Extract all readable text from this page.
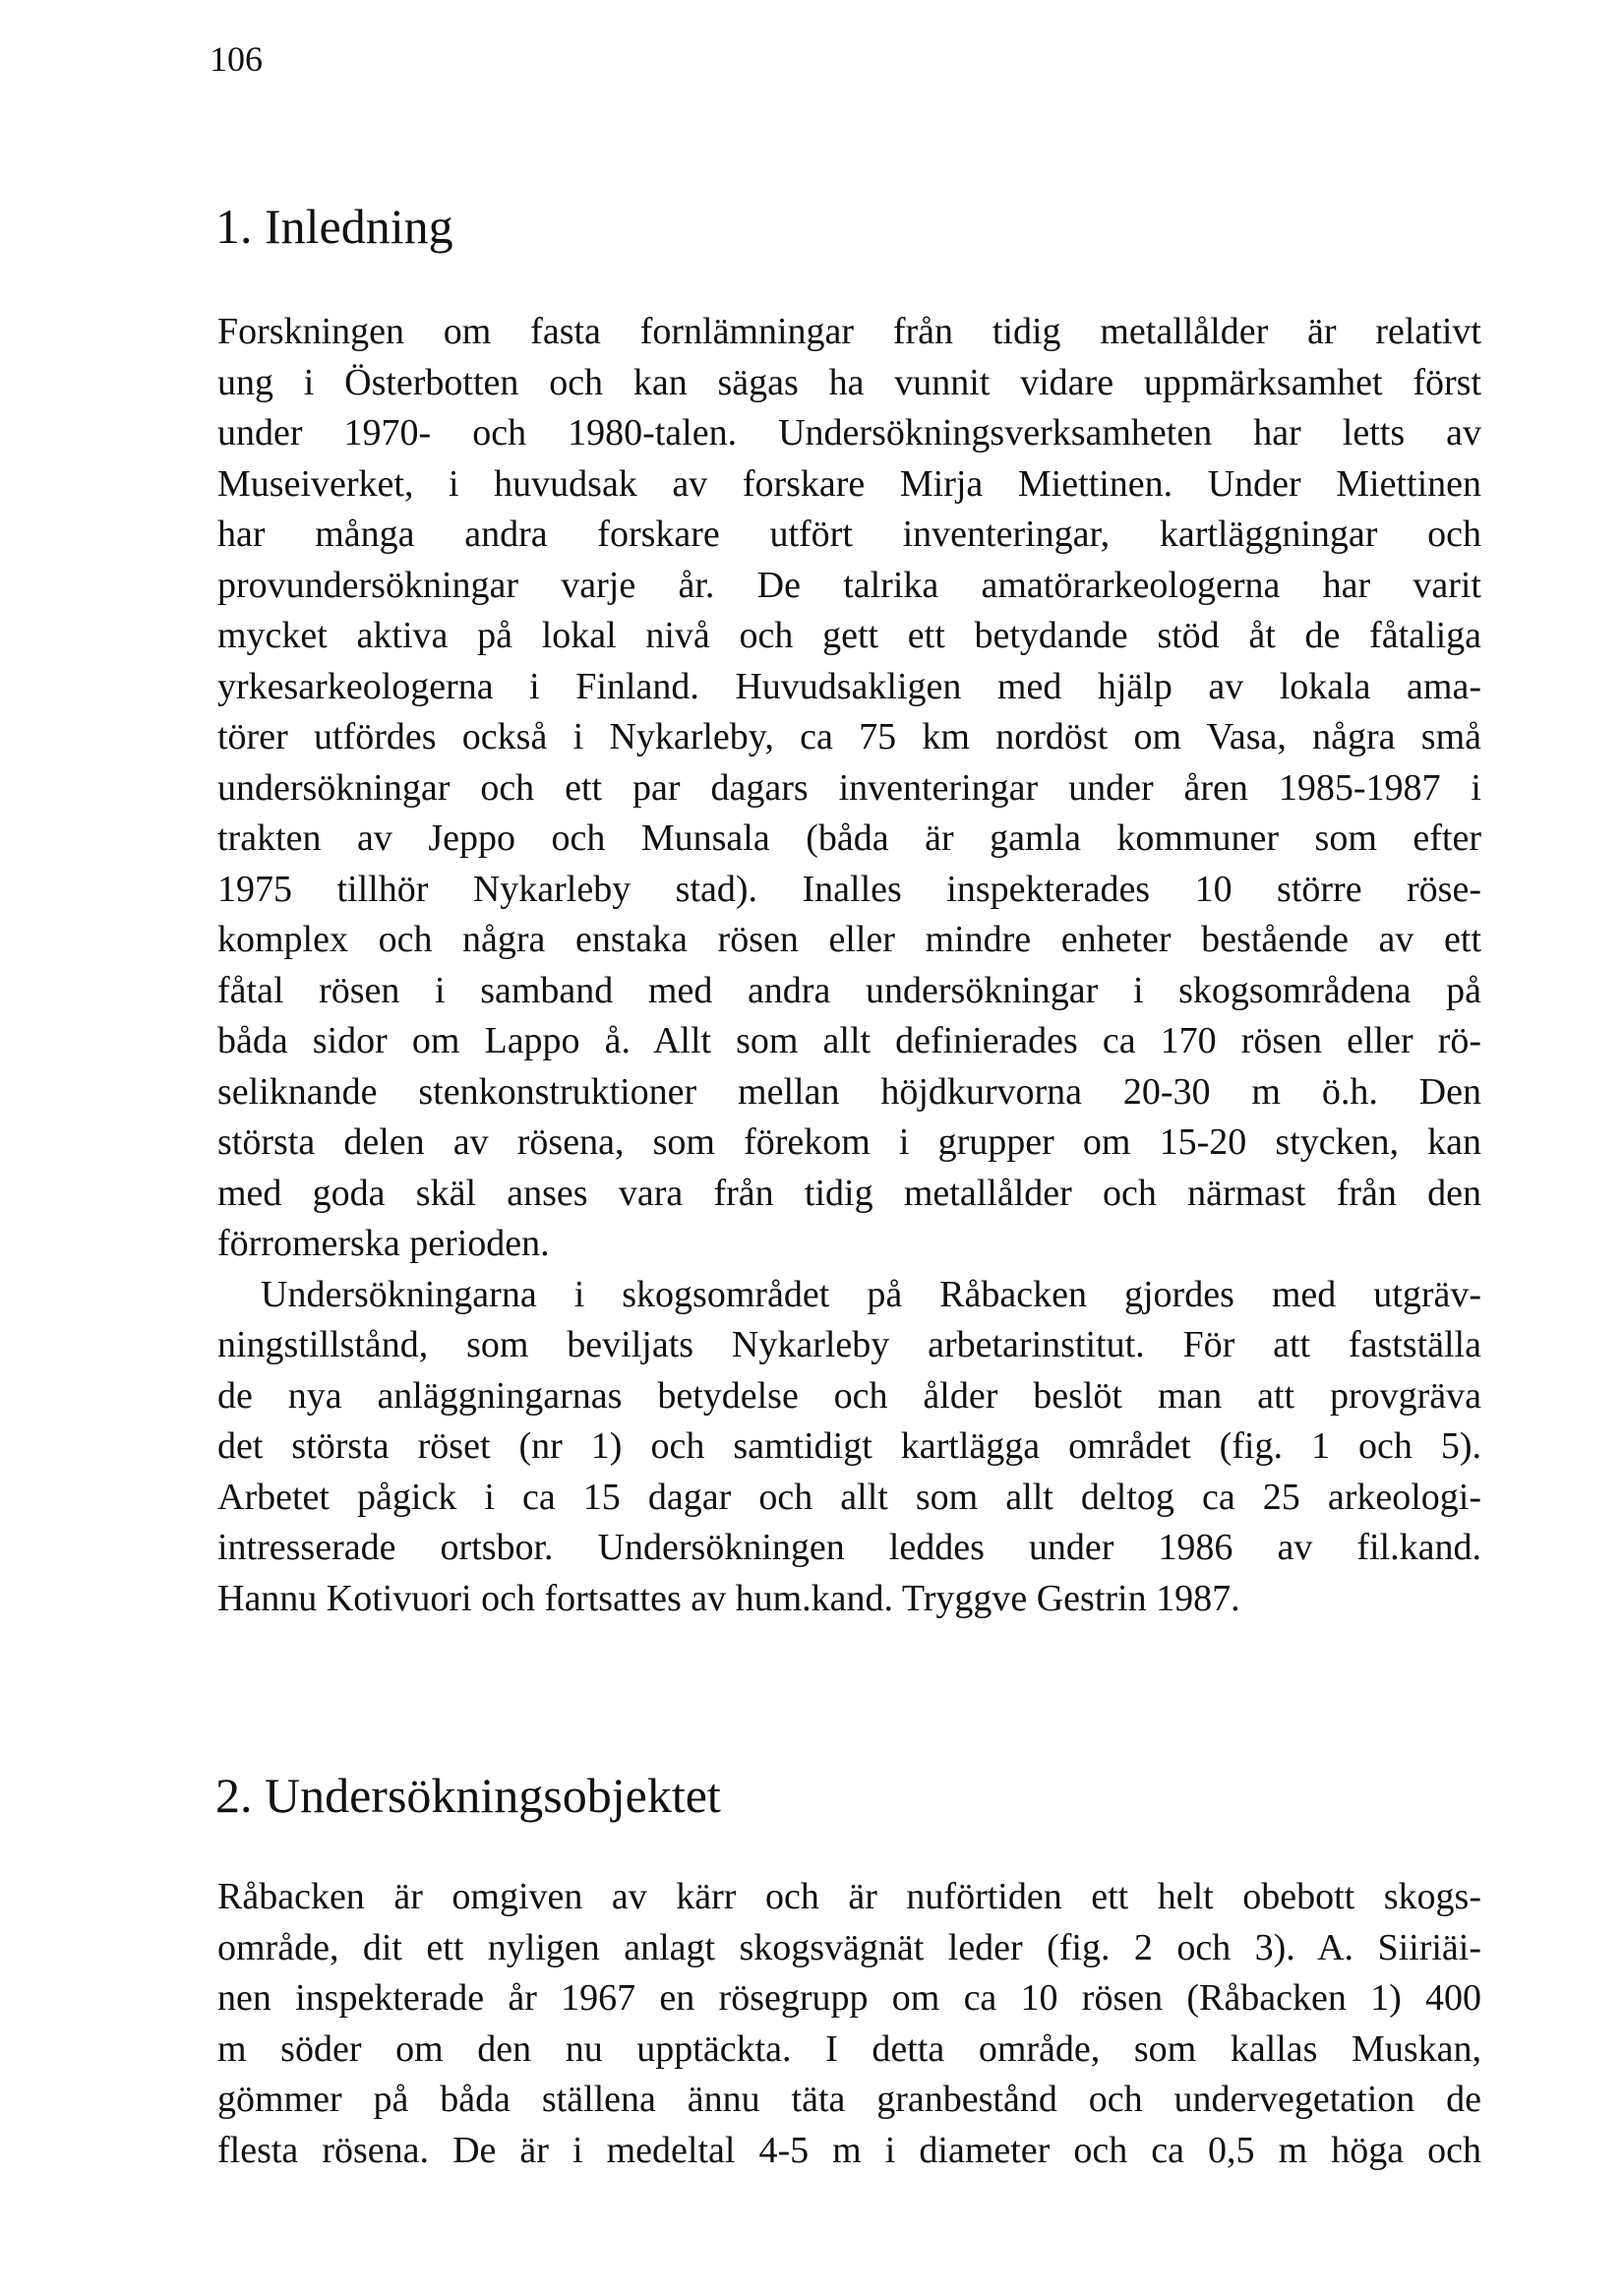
106
1. Inledning

Forskningen om fasta fornlämningar från tidig metallålder är relativt
ung i Österbotten och kan sägas ha vunnit vidare uppmärksamhet först
under 1970- och 1980-talen. Undersökningsverksamheten har letts av
Museiverket, i huvudsak av forskare Mirja Miettinen. Under Miettinen
har många andra forskare utfört inventeringar, kartläggningar och
provundersökningar varje år. De talrika amatörarkeologerna har varit
mycket aktiva på lokal nivå och gett ett betydande stöd åt de fåtaliga
yrkesarkeologerna i Finland. Huvudsakligen med hjälp av lokala ama-
törer utfördes också i Nykarleby, ca 75 km nordöst om Vasa, några små
undersökningar och ett par dagars inventeringar under åren 1985-1987 i
trakten av Jeppo och Munsala (båda är gamla kommuner som efter
1975 tillhör Nykarleby stad). Inalles inspekterades 10 större röse-
komplex och några enstaka rösen eller mindre enheter bestående av ett
fåtal rösen i samband med andra undersökningar i skogsområdena på
båda sidor om Lappo å. Allt som allt definierades ca 170 rösen eller rö-
seliknande stenkonstruktioner mellan höjdkurvorna 20-30 m ö.h. Den
största delen av rösena, som förekom i grupper om 15-20 stycken, kan
med goda skäl anses vara från tidig metallålder och närmast från den
förromerska perioden.

Undersökningarna i skogsområdet på Råbacken gjordes med utgräv-
ningstillstånd, som beviljats Nykarleby arbetarinstitut. För att fastställa
de nya anläggningarnas betydelse och ålder beslöt man att provgräva
det största röset (nr 1) och samtidigt kartlägga området (fig. 1 och 5).
Arbetet pågick i ca 15 dagar och allt som allt deltog ca 25 arkeologi-
intresserade ortsbor. Undersökningen leddes under 1986 av fil.kand.
Hannu Kotivuori och fortsattes av hum.kand. Tryggve Gestrin 1987.

2. Undersökningsobjektet

Råbacken är omgiven av kärr och är nuförtiden ett helt obebott skogs-
område, dit ett nyligen anlagt skogsvägnät leder (fig. 2 och 3). A. Siiriäi-
nen inspekterade år 1967 en rösegrupp om ca 10 rösen (Råbacken 1) 400
m söder om den nu upptäckta. I detta område, som kallas Muskan,
gömmer på båda ställena ännu täta granbestånd och undervegetation de
flesta rösena. De är i medeltal 4-5 m i diameter och ca 0,5 m höga och
